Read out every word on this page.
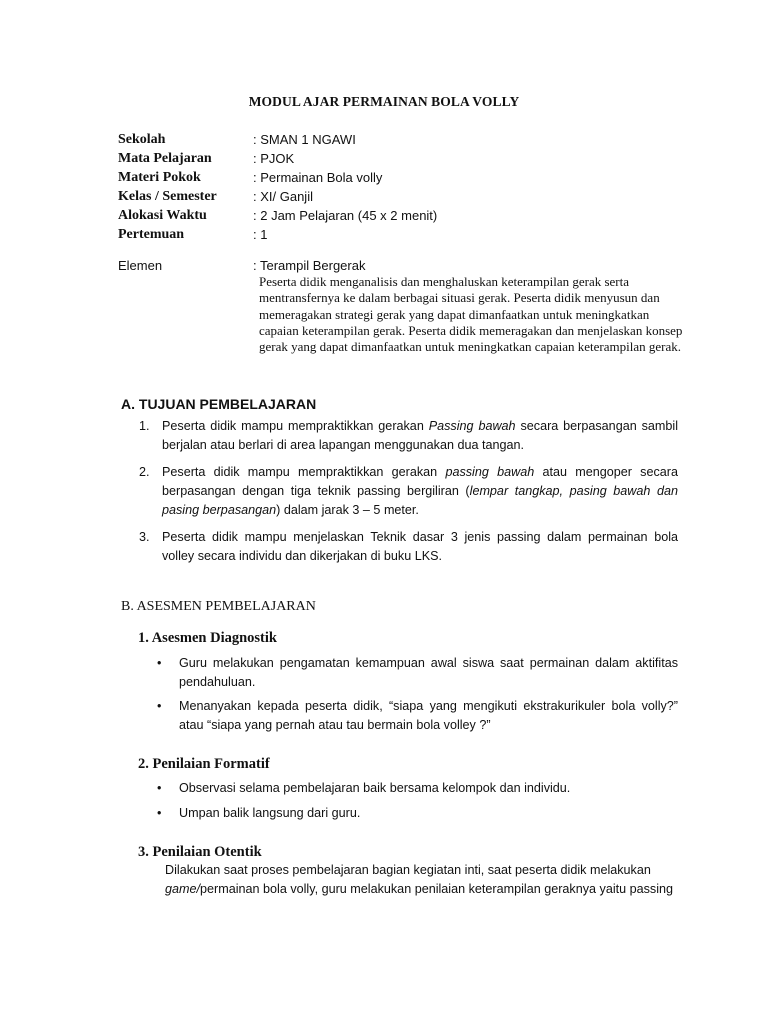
MODUL AJAR PERMAINAN BOLA VOLLY
Sekolah	: SMAN 1 NGAWI
Mata Pelajaran	: PJOK
Materi Pokok	: Permainan Bola volly
Kelas / Semester	: XI/ Ganjil
Alokasi Waktu	: 2 Jam Pelajaran (45 x 2 menit)
Pertemuan	: 1
Elemen	: Terampil Bergerak
Peserta didik menganalisis dan menghaluskan keterampilan gerak serta mentransfernya ke dalam berbagai situasi gerak. Peserta didik menyusun dan memeragakan strategi gerak yang dapat dimanfaatkan untuk meningkatkan capaian keterampilan gerak. Peserta didik memeragakan dan menjelaskan konsep gerak yang dapat dimanfaatkan untuk meningkatkan capaian keterampilan gerak.
A. TUJUAN PEMBELAJARAN
1. Peserta didik mampu mempraktikkan gerakan Passing bawah secara berpasangan sambil berjalan atau berlari di area lapangan menggunakan dua tangan.
2. Peserta didik mampu mempraktikkan gerakan passing bawah atau mengoper secara berpasangan dengan tiga teknik passing bergiliran (lempar tangkap, pasing bawah dan pasing berpasangan) dalam jarak 3 – 5 meter.
3. Peserta didik mampu menjelaskan Teknik dasar 3 jenis passing dalam permainan bola volley secara individu dan dikerjakan di buku LKS.
B. ASESMEN PEMBELAJARAN
1. Asesmen Diagnostik
• Guru melakukan pengamatan kemampuan awal siswa saat permainan dalam aktifitas pendahuluan.
• Menanyakan kepada peserta didik, “siapa yang mengikuti ekstrakurikuler bola volly?” atau “siapa yang pernah atau tau bermain bola volley ?”
2. Penilaian Formatif
• Observasi selama pembelajaran baik bersama kelompok dan individu.
• Umpan balik langsung dari guru.
3. Penilaian Otentik
Dilakukan saat proses pembelajaran bagian kegiatan inti, saat peserta didik melakukan game/permainan bola volly, guru melakukan penilaian keterampilan geraknya yaitu passing
